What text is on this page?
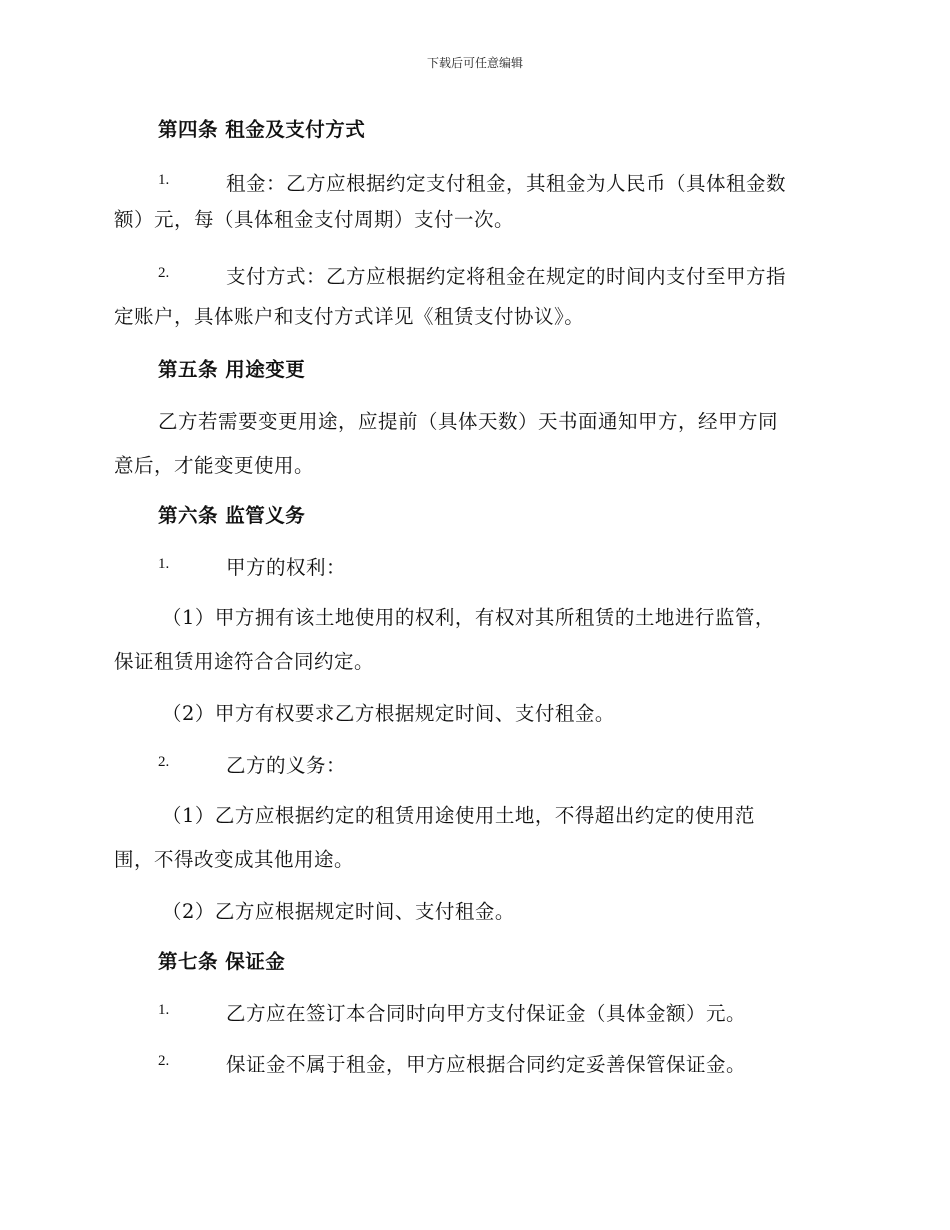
下载后可任意编辑
第四条 租金及支付方式
1.	租金：乙方应根据约定支付租金，其租金为人民币（具体租金数
额）元，每（具体租金支付周期）支付一次。
2.	支付方式：乙方应根据约定将租金在规定的时间内支付至甲方指
定账户，具体账户和支付方式详见《租赁支付协议》。
第五条 用途变更
乙方若需要变更用途，应提前（具体天数）天书面通知甲方，经甲方同
意后，才能变更使用。
第六条 监管义务
1.	甲方的权利：
（1）甲方拥有该土地使用的权利，有权对其所租赁的土地进行监管，
保证租赁用途符合合同约定。
（2）甲方有权要求乙方根据规定时间、支付租金。
2.	乙方的义务：
（1）乙方应根据约定的租赁用途使用土地，不得超出约定的使用范
围，不得改变成其他用途。
（2）乙方应根据规定时间、支付租金。
第七条 保证金
1.	乙方应在签订本合同时向甲方支付保证金（具体金额）元。
2.	保证金不属于租金，甲方应根据合同约定妥善保管保证金。
